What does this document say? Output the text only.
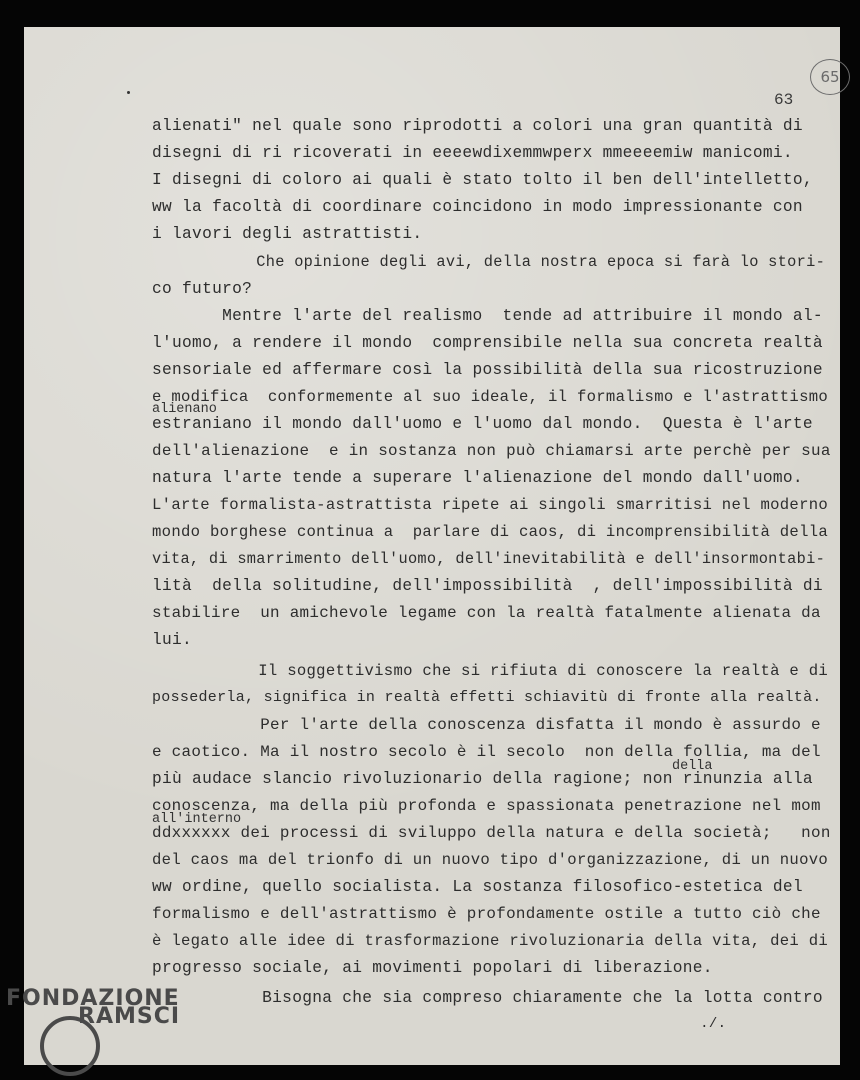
65
63
alienati" nel quale sono riprodotti a colori una gran quantità di
disegni di ri ricoverati in eeeewdixemmwperx mmeeeemiw manicomi.
I disegni di coloro ai quali è stato tolto il ben dell'intelletto,
ww la facoltà di coordinare coincidono in modo impressionante con
i lavori degli astrattisti.
Che opinione degli avi, della nostra epoca si farà lo stori-
co futuro?
Mentre l'arte del realismo  tende ad attribuire il mondo al-
l'uomo, a rendere il mondo  comprensibile nella sua concreta realtà
sensoriale ed affermare così la possibilità della sua ricostruzione
e modifica  conformemente al suo ideale, il formalismo e l'astrattismo
estraniano il mondo dall'uomo e l'uomo dal mondo.  Questa è l'arte
dell'alienazione  e in sostanza non può chiamarsi arte perchè per sua
natura l'arte tende a superare l'alienazione del mondo dall'uomo.
L'arte formalista-astrattista ripete ai singoli smarritisi nel moderno
mondo borghese continua a  parlare di caos, di incomprensibilità della
vita, di smarrimento dell'uomo, dell'inevitabilità e dell'insormontabi-
lità  della solitudine, dell'impossibilità  , dell'impossibilità di
stabilire  un amichevole legame con la realtà fatalmente alienata da
lui.
Il soggettivismo che si rifiuta di conoscere la realtà e di
possederla, significa in realtà effetti schiavitù di fronte alla realtà.
Per l'arte della conoscenza disfatta il mondo è assurdo e
e caotico. Ma il nostro secolo è il secolo  non della follia, ma del
più audace slancio rivoluzionario della ragione; non rinunzia alla
conoscenza, ma della più profonda e spassionata penetrazione nel mom
ddxxxxxx dei processi di sviluppo della natura e della società;   non
del caos ma del trionfo di un nuovo tipo d'organizzazione, di un nuovo
ww ordine, quello socialista. La sostanza filosofico-estetica del
formalismo e dell'astrattismo è profondamente ostile a tutto ciò che
è legato alle idee di trasformazione rivoluzionaria della vita, dei di
progresso sociale, ai movimenti popolari di liberazione.
Bisogna che sia compreso chiaramente che la lotta contro
./.
alienano
della
all'interno
FONDAZIONE
RAMSCI
